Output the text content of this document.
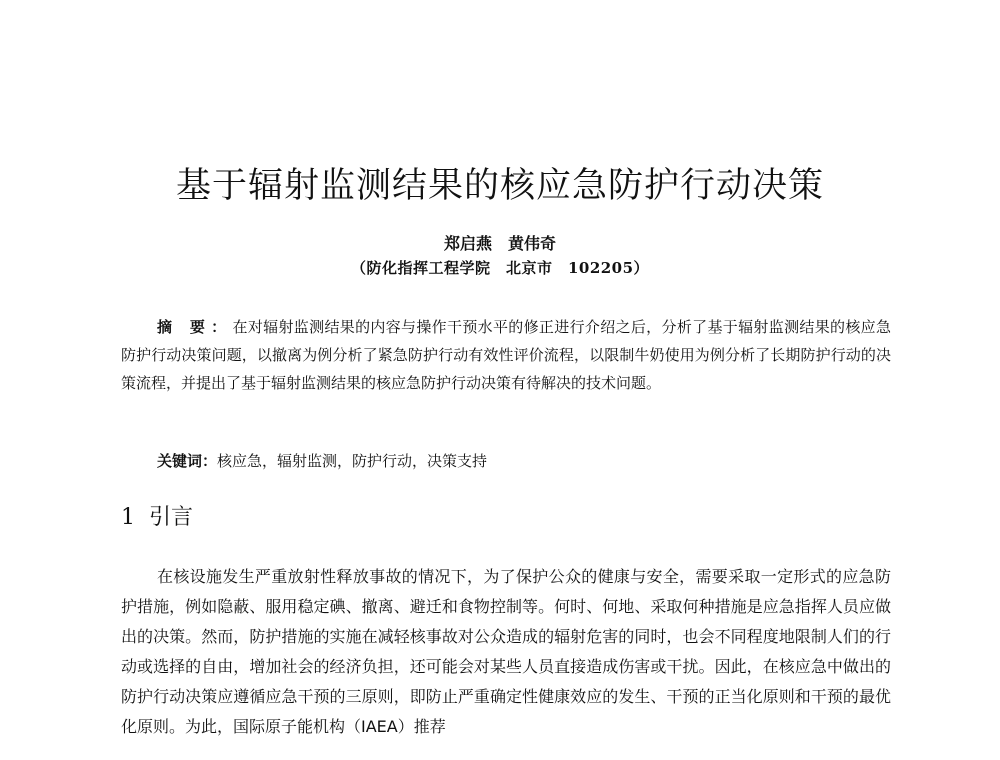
基于辐射监测结果的核应急防护行动决策
郑启燕　黄伟奇
（防化指挥工程学院　北京市　102205）

摘 要：在对辐射监测结果的内容与操作干预水平的修正进行介绍之后，分析了基于辐射监测结果的核应急防护行动决策问题，以撤离为例分析了紧急防护行动有效性评价流程，以限制牛奶使用为例分析了长期防护行动的决策流程，并提出了基于辐射监测结果的核应急防护行动决策有待解决的技术问题。

关键词：核应急，辐射监测，防护行动，决策支持

1 引言

在核设施发生严重放射性释放事故的情况下，为了保护公众的健康与安全，需要采取一定形式的应急防护措施，例如隐蔽、服用稳定碘、撤离、避迁和食物控制等。何时、何地、采取何种措施是应急指挥人员应做出的决策。然而，防护措施的实施在减轻核事故对公众造成的辐射危害的同时，也会不同程度地限制人们的行动或选择的自由，增加社会的经济负担，还可能会对某些人员直接造成伤害或干扰。因此，在核应急中做出的防护行动决策应遵循应急干预的三原则，即防止严重确定性健康效应的发生、干预的正当化原则和干预的最优化原则。为此，国际原子能机构（IAEA）推荐
